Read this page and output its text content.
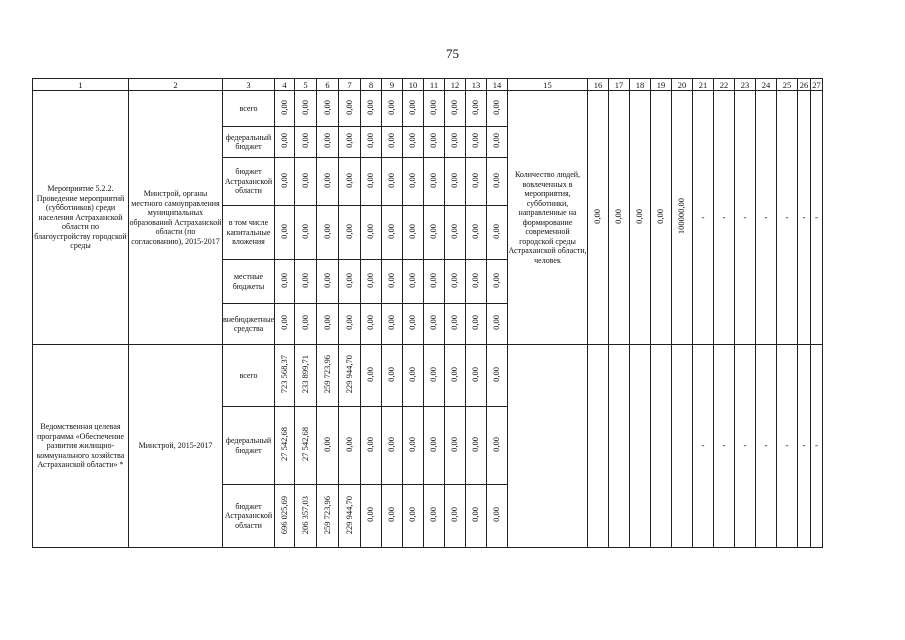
75
1	2	3	4	5	6	7	8	9	10	11	12	13	14	15	16	17	18	19	20	21	22	23	24	25	26	27
Мероприятие 5.2.2. Проведение мероприятий (субботников) среди населения Астраханской области по благоустройству городской среды	Минстрой, органы местного самоуправления муниципальных образований Астраханской области (по согласованию), 2015-2017	всего	0,00	0,00	0,00	0,00	0,00	0,00	0,00	0,00	0,00	0,00	0,00	Количество людей, вовлеченных в мероприятия, субботники, направленные на формирование современной городской среды Астраханской области, человек	0,00	0,00	0,00	0,00	100000,00	-	-	-	-	-	-	-
		федеральный бюджет	0,00	0,00	0,00	0,00	0,00	0,00	0,00	0,00	0,00	0,00	0,00													
		бюджет Астраханской области	0,00	0,00	0,00	0,00	0,00	0,00	0,00	0,00	0,00	0,00	0,00													
		в том числе капитальные вложения	0,00	0,00	0,00	0,00	0,00	0,00	0,00	0,00	0,00	0,00	0,00													
		местные бюджеты	0,00	0,00	0,00	0,00	0,00	0,00	0,00	0,00	0,00	0,00	0,00													
		внебюджетные средства	0,00	0,00	0,00	0,00	0,00	0,00	0,00	0,00	0,00	0,00	0,00													
Ведомственная целевая программа «Обеспечение развития жилищно-коммунального хозяйства Астраханской области» *	Минстрой, 2015-2017	всего	723 568,37	233 899,71	259 723,96	229 944,70	0,00	0,00	0,00	0,00	0,00	0,00	0,00							-	-	-	-	-	-	-
		федеральный бюджет	27 542,68	27 542,68	0,00	0,00	0,00	0,00	0,00	0,00	0,00	0,00	0,00													
		бюджет Астраханской области	696 025,69	206 357,03	259 723,96	229 944,70	0,00	0,00	0,00	0,00	0,00	0,00	0,00													
